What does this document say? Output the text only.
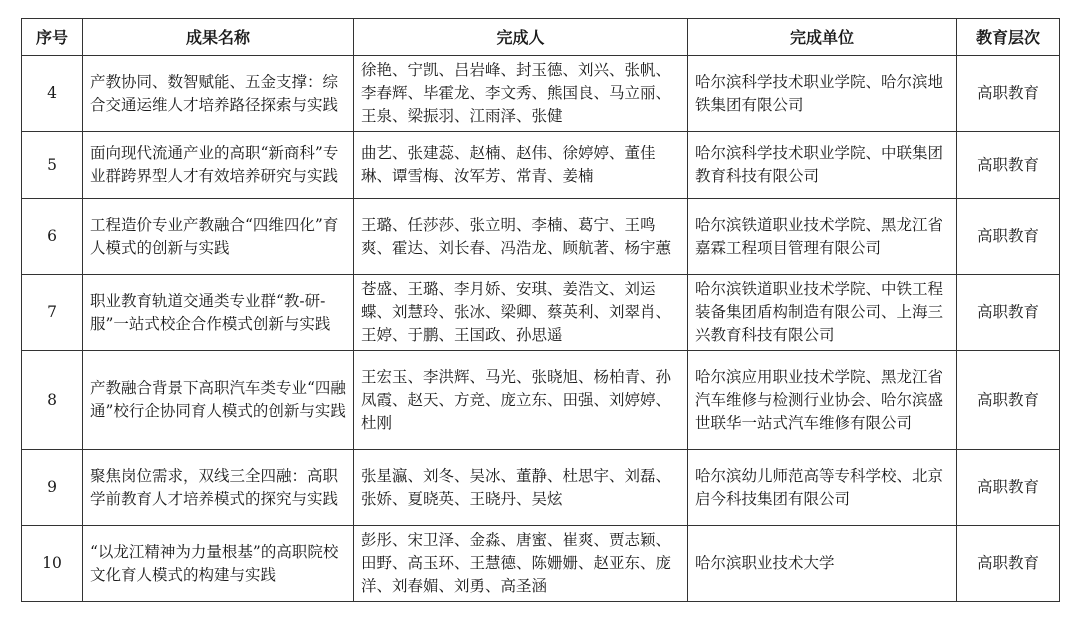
序号	成果名称	完成人	完成单位	教育层次
4	产教协同、数智赋能、五金支撑：综合交通运维人才培养路径探索与实践	徐艳、宁凯、吕岩峰、封玉德、刘兴、张帆、李春辉、毕霍龙、李文秀、熊国良、马立丽、王泉、梁振羽、江雨泽、张健	哈尔滨科学技术职业学院、哈尔滨地铁集团有限公司	高职教育
5	面向现代流通产业的高职“新商科”专业群跨界型人才有效培养研究与实践	曲艺、张建蕊、赵楠、赵伟、徐婷婷、董佳琳、谭雪梅、汝军芳、常青、姜楠	哈尔滨科学技术职业学院、中联集团教育科技有限公司	高职教育
6	工程造价专业产教融合“四维四化”育人模式的创新与实践	王璐、任莎莎、张立明、李楠、葛宁、王鸣爽、霍达、刘长春、冯浩龙、顾航著、杨宇蕙	哈尔滨铁道职业技术学院、黑龙江省嘉霖工程项目管理有限公司	高职教育
7	职业教育轨道交通类专业群“教-研-服”一站式校企合作模式创新与实践	苍盛、王璐、李月娇、安琪、姜浩文、刘运蝶、刘慧玲、张冰、梁卿、蔡英利、刘翠肖、王婷、于鹏、王国政、孙思遥	哈尔滨铁道职业技术学院、中铁工程装备集团盾构制造有限公司、上海三兴教育科技有限公司	高职教育
8	产教融合背景下高职汽车类专业“四融通”校行企协同育人模式的创新与实践	王宏玉、李洪辉、马光、张晓旭、杨柏青、孙凤霞、赵天、方竞、庞立东、田强、刘婷婷、杜刚	哈尔滨应用职业技术学院、黑龙江省汽车维修与检测行业协会、哈尔滨盛世联华一站式汽车维修有限公司	高职教育
9	聚焦岗位需求，双线三全四融：高职学前教育人才培养模式的探究与实践	张星瀛、刘冬、吴冰、董静、杜思宇、刘磊、张娇、夏晓英、王晓丹、吴炫	哈尔滨幼儿师范高等专科学校、北京启今科技集团有限公司	高职教育
10	“以龙江精神为力量根基”的高职院校文化育人模式的构建与实践	彭彤、宋卫泽、金淼、唐蜜、崔爽、贾志颖、田野、高玉环、王慧德、陈姗姗、赵亚东、庞洋、刘春媚、刘勇、高圣涵	哈尔滨职业技术大学	高职教育
